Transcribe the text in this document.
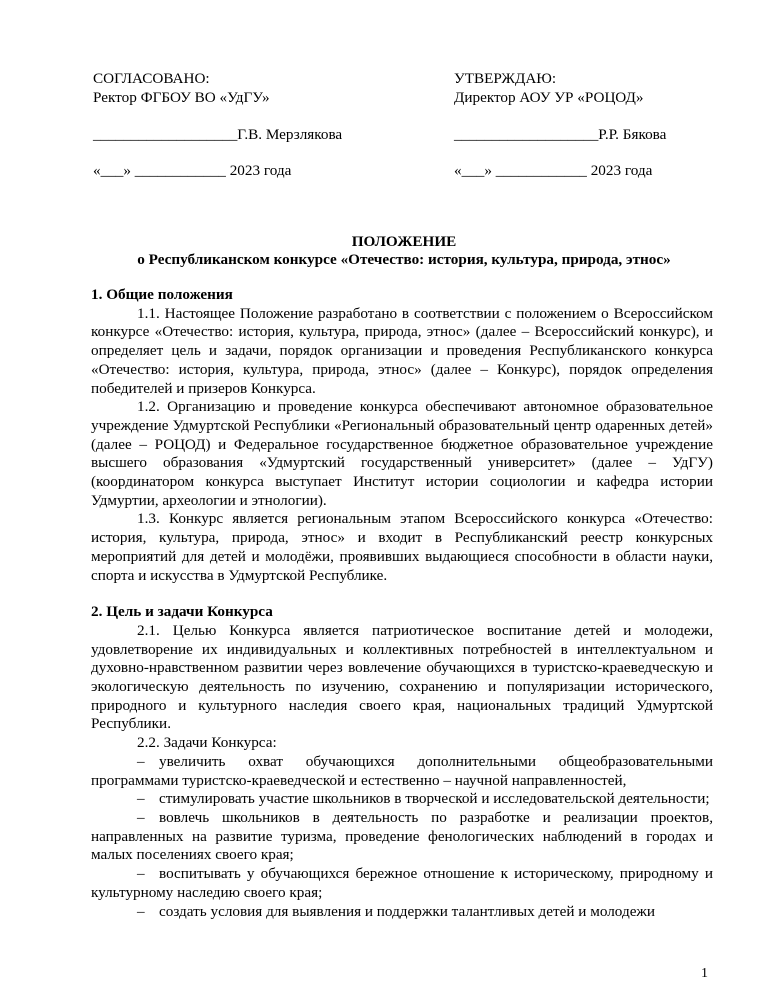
СОГЛАСОВАНО:
Ректор ФГБОУ ВО «УдГУ»
___________________Г.В. Мерзлякова
«___» ____________ 2023 года
УТВЕРЖДАЮ:
Директор АОУ УР «РОЦОД»
___________________Р.Р. Бякова
«___» ____________ 2023 года
ПОЛОЖЕНИЕ
о Республиканском конкурсе «Отечество: история, культура, природа, этнос»

1. Общие положения

1.1. Настоящее Положение разработано в соответствии с положением о Всероссийском конкурсе «Отечество: история, культура, природа, этнос» (далее – Всероссийский конкурс), и определяет цель и задачи, порядок организации и проведения Республиканского конкурса «Отечество: история, культура, природа, этнос» (далее – Конкурс), порядок определения победителей и призеров Конкурса.

1.2. Организацию и проведение конкурса обеспечивают автономное образовательное учреждение Удмуртской Республики «Региональный образовательный центр одаренных детей» (далее – РОЦОД) и Федеральное государственное бюджетное образовательное учреждение высшего образования «Удмуртский государственный университет» (далее – УдГУ) (координатором конкурса выступает Институт истории социологии и кафедра истории Удмуртии, археологии и этнологии).

1.3. Конкурс является региональным этапом Всероссийского конкурса «Отечество: история, культура, природа, этнос» и входит в Республиканский реестр конкурсных мероприятий для детей и молодёжи, проявивших выдающиеся способности в области науки, спорта и искусства в Удмуртской Республике.

2. Цель и задачи Конкурса

2.1. Целью Конкурса является патриотическое воспитание детей и молодежи, удовлетворение их индивидуальных и коллективных потребностей в интеллектуальном и духовно-нравственном развитии через вовлечение обучающихся в туристско-краеведческую и экологическую деятельность по изучению, сохранению и популяризации исторического, природного и культурного наследия своего края, национальных традиций Удмуртской Республики.

2.2. Задачи Конкурса:

– увеличить охват обучающихся дополнительными общеобразовательными программами туристско-краеведческой и естественно – научной направленностей,

– стимулировать участие школьников в творческой и исследовательской деятельности;

– вовлечь школьников в деятельность по разработке и реализации проектов, направленных на развитие туризма, проведение фенологических наблюдений в городах и малых поселениях своего края;

– воспитывать у обучающихся бережное отношение к историческому, природному и культурному наследию своего края;

– создать условия для выявления и поддержки талантливых детей и молодежи

1
